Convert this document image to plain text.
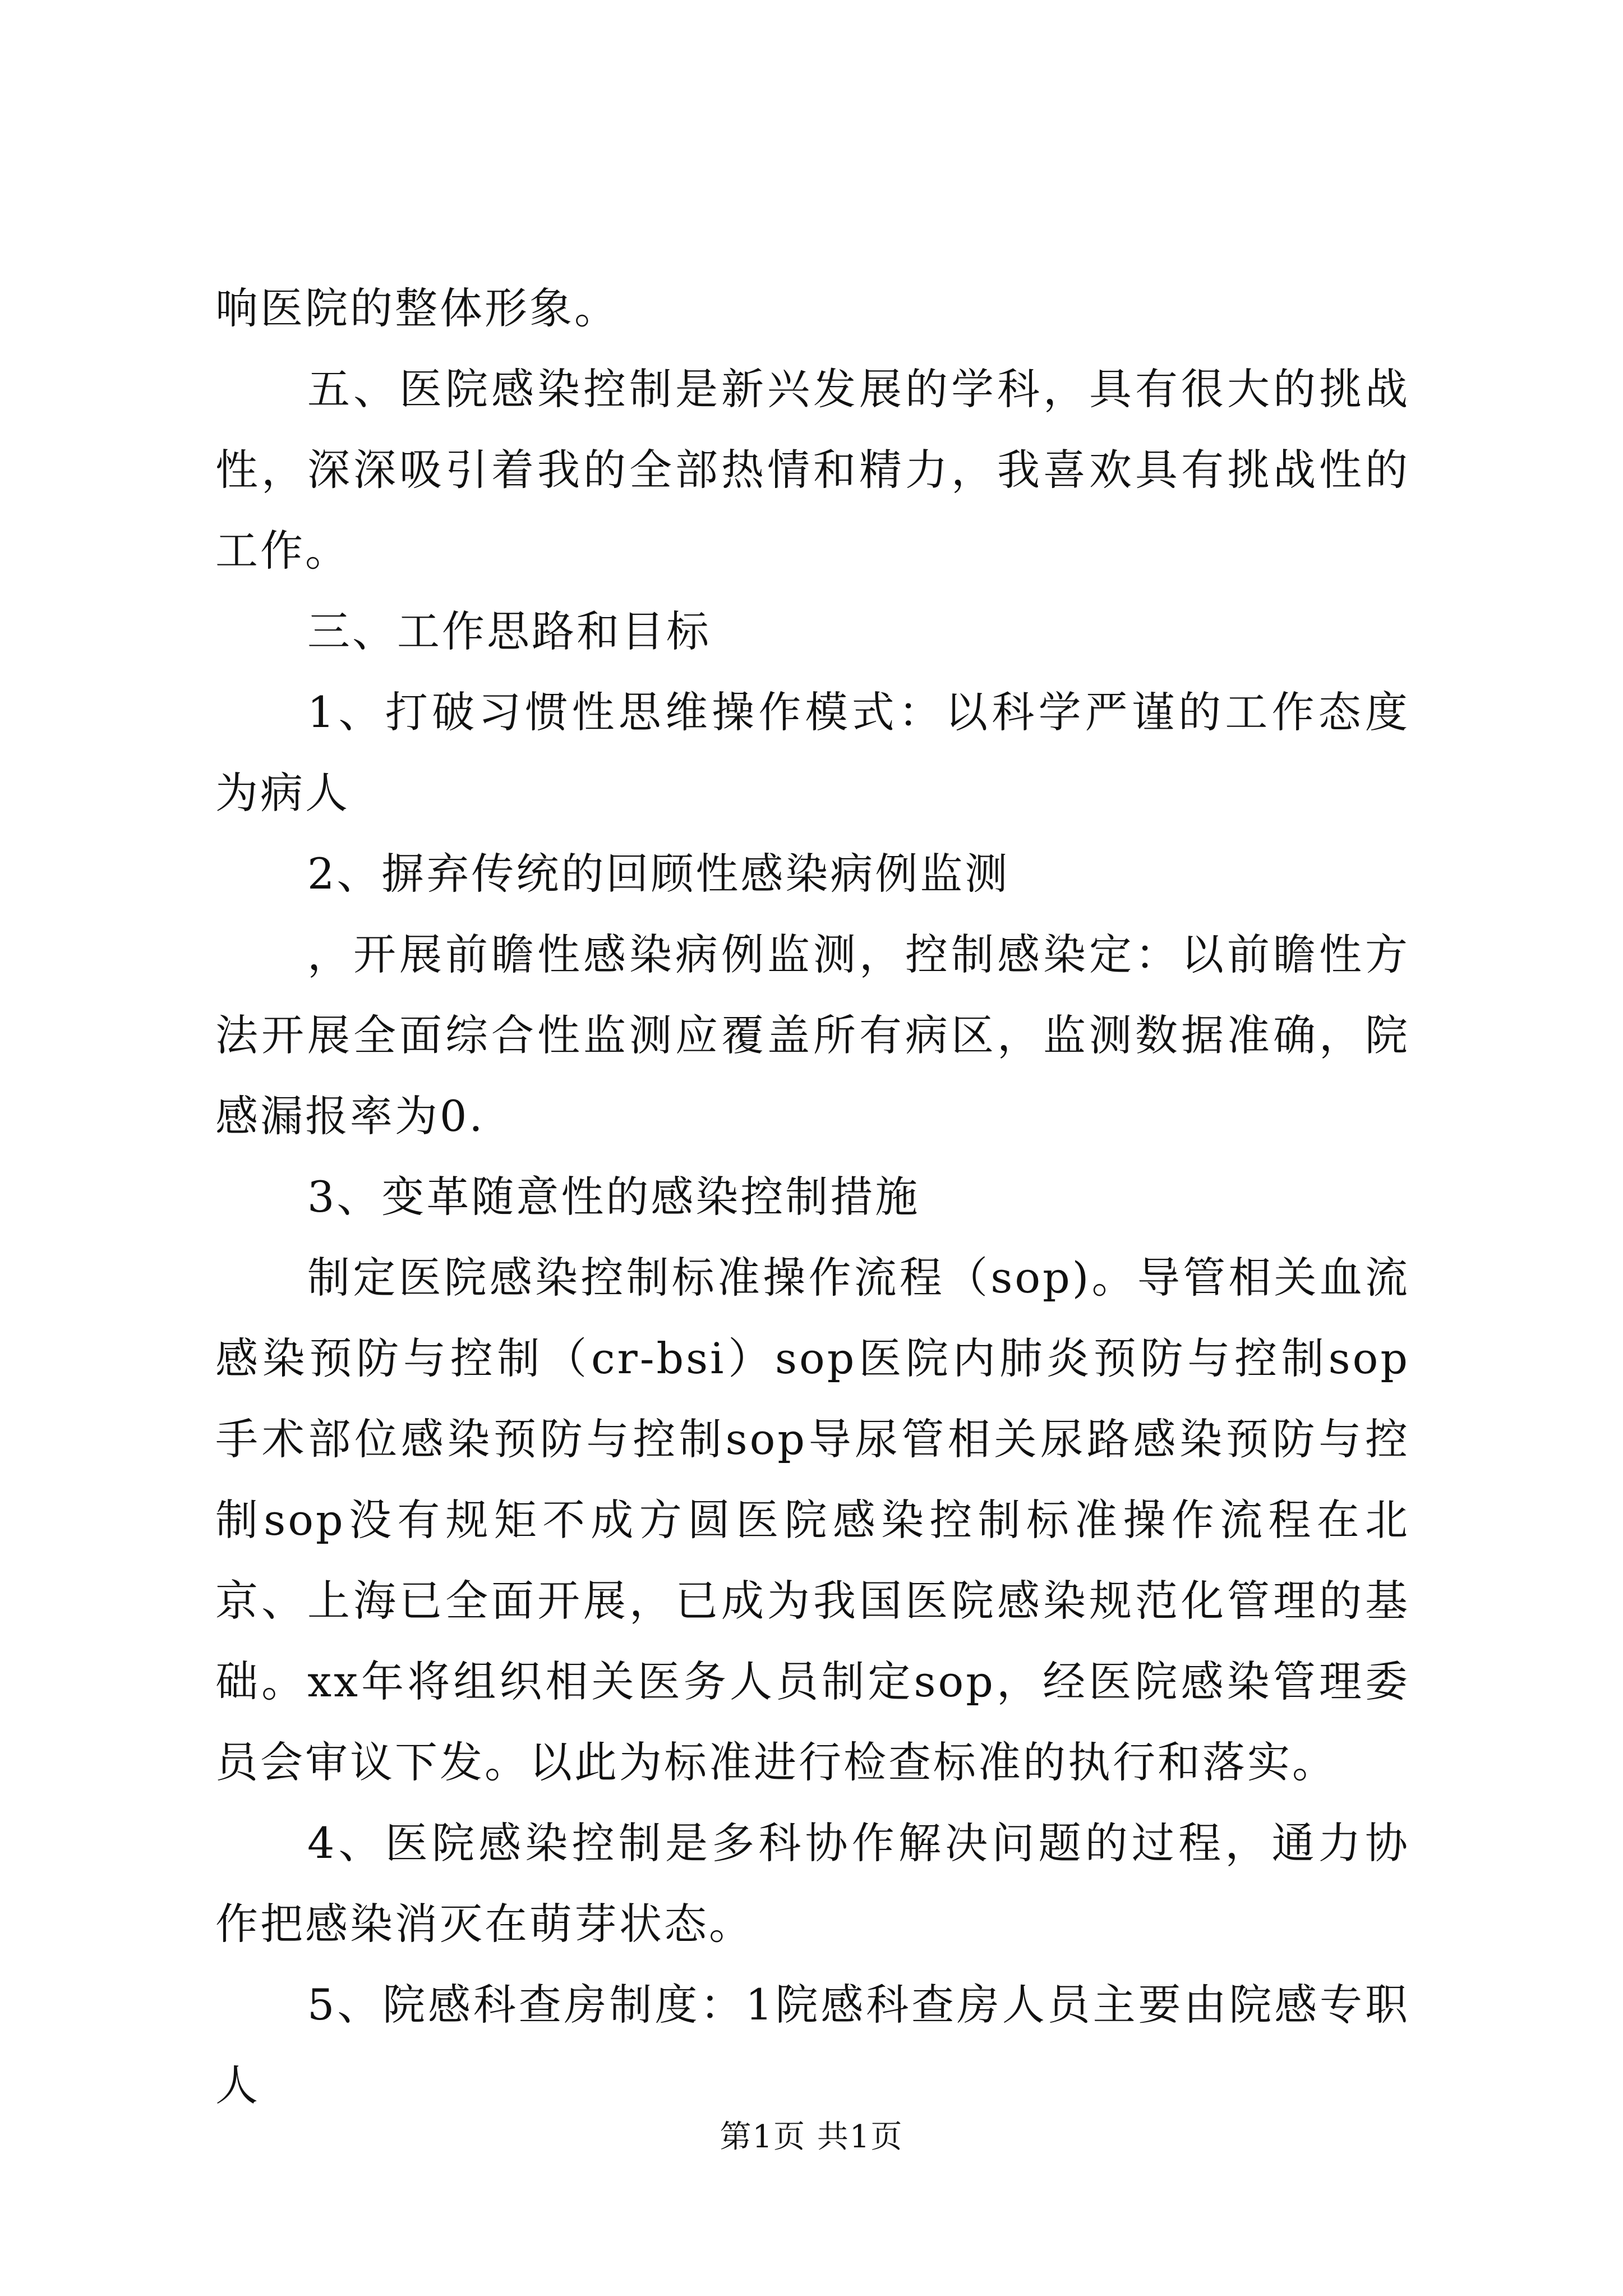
响医院的整体形象。

五、医院感染控制是新兴发展的学科，具有很大的挑战性，深深吸引着我的全部热情和精力，我喜欢具有挑战性的工作。

三、工作思路和目标

1、打破习惯性思维操作模式：以科学严谨的工作态度为病人

2、摒弃传统的回顾性感染病例监测

，开展前瞻性感染病例监测，控制感染定：以前瞻性方法开展全面综合性监测应覆盖所有病区，监测数据准确，院感漏报率为0.

3、变革随意性的感染控制措施

制定医院感染控制标准操作流程（sop)。导管相关血流感染预防与控制（cr-bsi）sop医院内肺炎预防与控制sop手术部位感染预防与控制sop导尿管相关尿路感染预防与控制sop没有规矩不成方圆医院感染控制标准操作流程在北京、上海已全面开展，已成为我国医院感染规范化管理的基础。xx年将组织相关医务人员制定sop，经医院感染管理委员会审议下发。以此为标准进行检查标准的执行和落实。

4、医院感染控制是多科协作解决问题的过程，通力协作把感染消灭在萌芽状态。

5、院感科查房制度：1院感科查房人员主要由院感专职人

第1页 共1页
